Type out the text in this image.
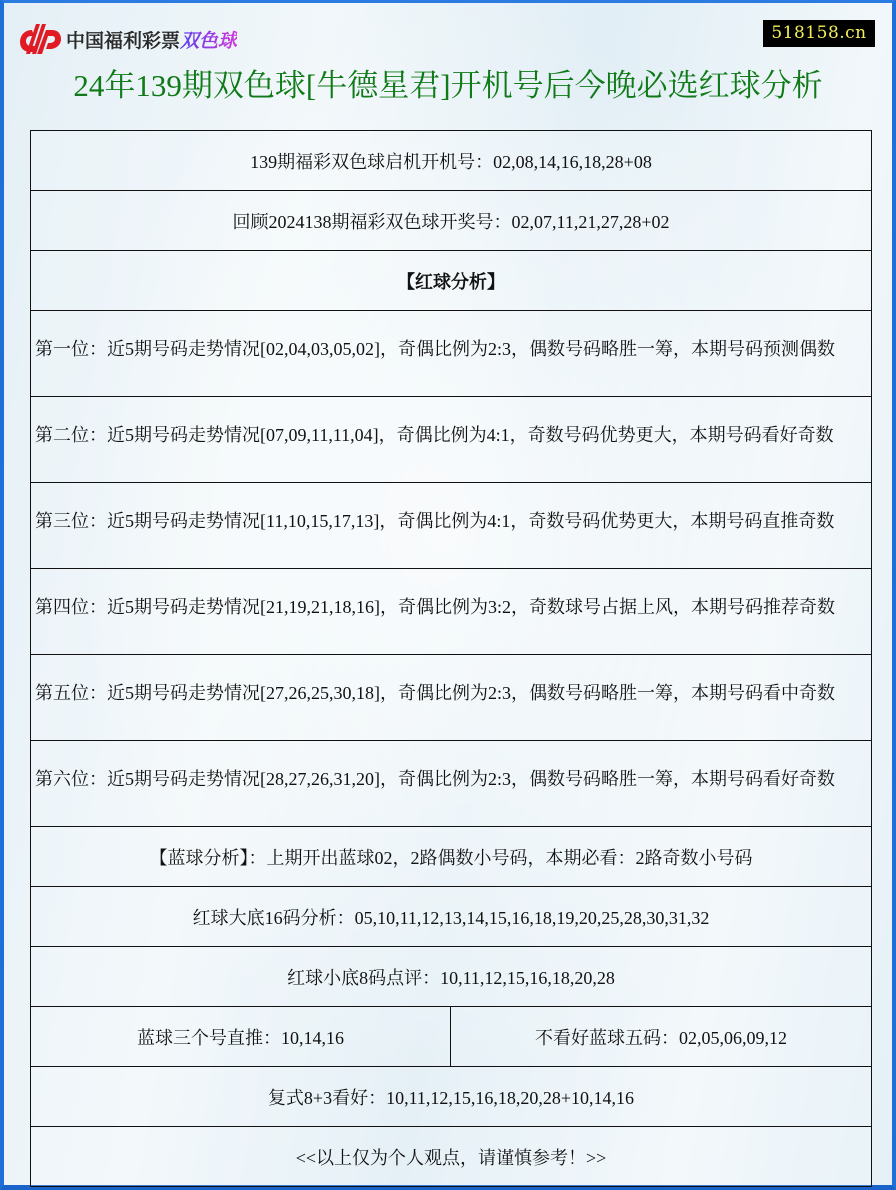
中国福利彩票双色球	518158.cn
24年139期双色球[牛德星君]开机号后今晚必选红球分析
139期福彩双色球启机开机号：02,08,14,16,18,28+08
回顾2024138期福彩双色球开奖号：02,07,11,21,27,28+02
【红球分析】
第一位：近5期号码走势情况[02,04,03,05,02]，奇偶比例为2:3，偶数号码略胜一筹，本期号码预测偶数
第二位：近5期号码走势情况[07,09,11,11,04]，奇偶比例为4:1，奇数号码优势更大，本期号码看好奇数
第三位：近5期号码走势情况[11,10,15,17,13]，奇偶比例为4:1，奇数号码优势更大，本期号码直推奇数
第四位：近5期号码走势情况[21,19,21,18,16]，奇偶比例为3:2，奇数球号占据上风，本期号码推荐奇数
第五位：近5期号码走势情况[27,26,25,30,18]，奇偶比例为2:3，偶数号码略胜一筹，本期号码看中奇数
第六位：近5期号码走势情况[28,27,26,31,20]，奇偶比例为2:3，偶数号码略胜一筹，本期号码看好奇数
【蓝球分析】：上期开出蓝球02，2路偶数小号码，本期必看：2路奇数小号码
红球大底16码分析：05,10,11,12,13,14,15,16,18,19,20,25,28,30,31,32
红球小底8码点评：10,11,12,15,16,18,20,28
蓝球三个号直推：10,14,16	不看好蓝球五码：02,05,06,09,12
复式8+3看好：10,11,12,15,16,18,20,28+10,14,16
<<以上仅为个人观点，请谨慎参考！>>
